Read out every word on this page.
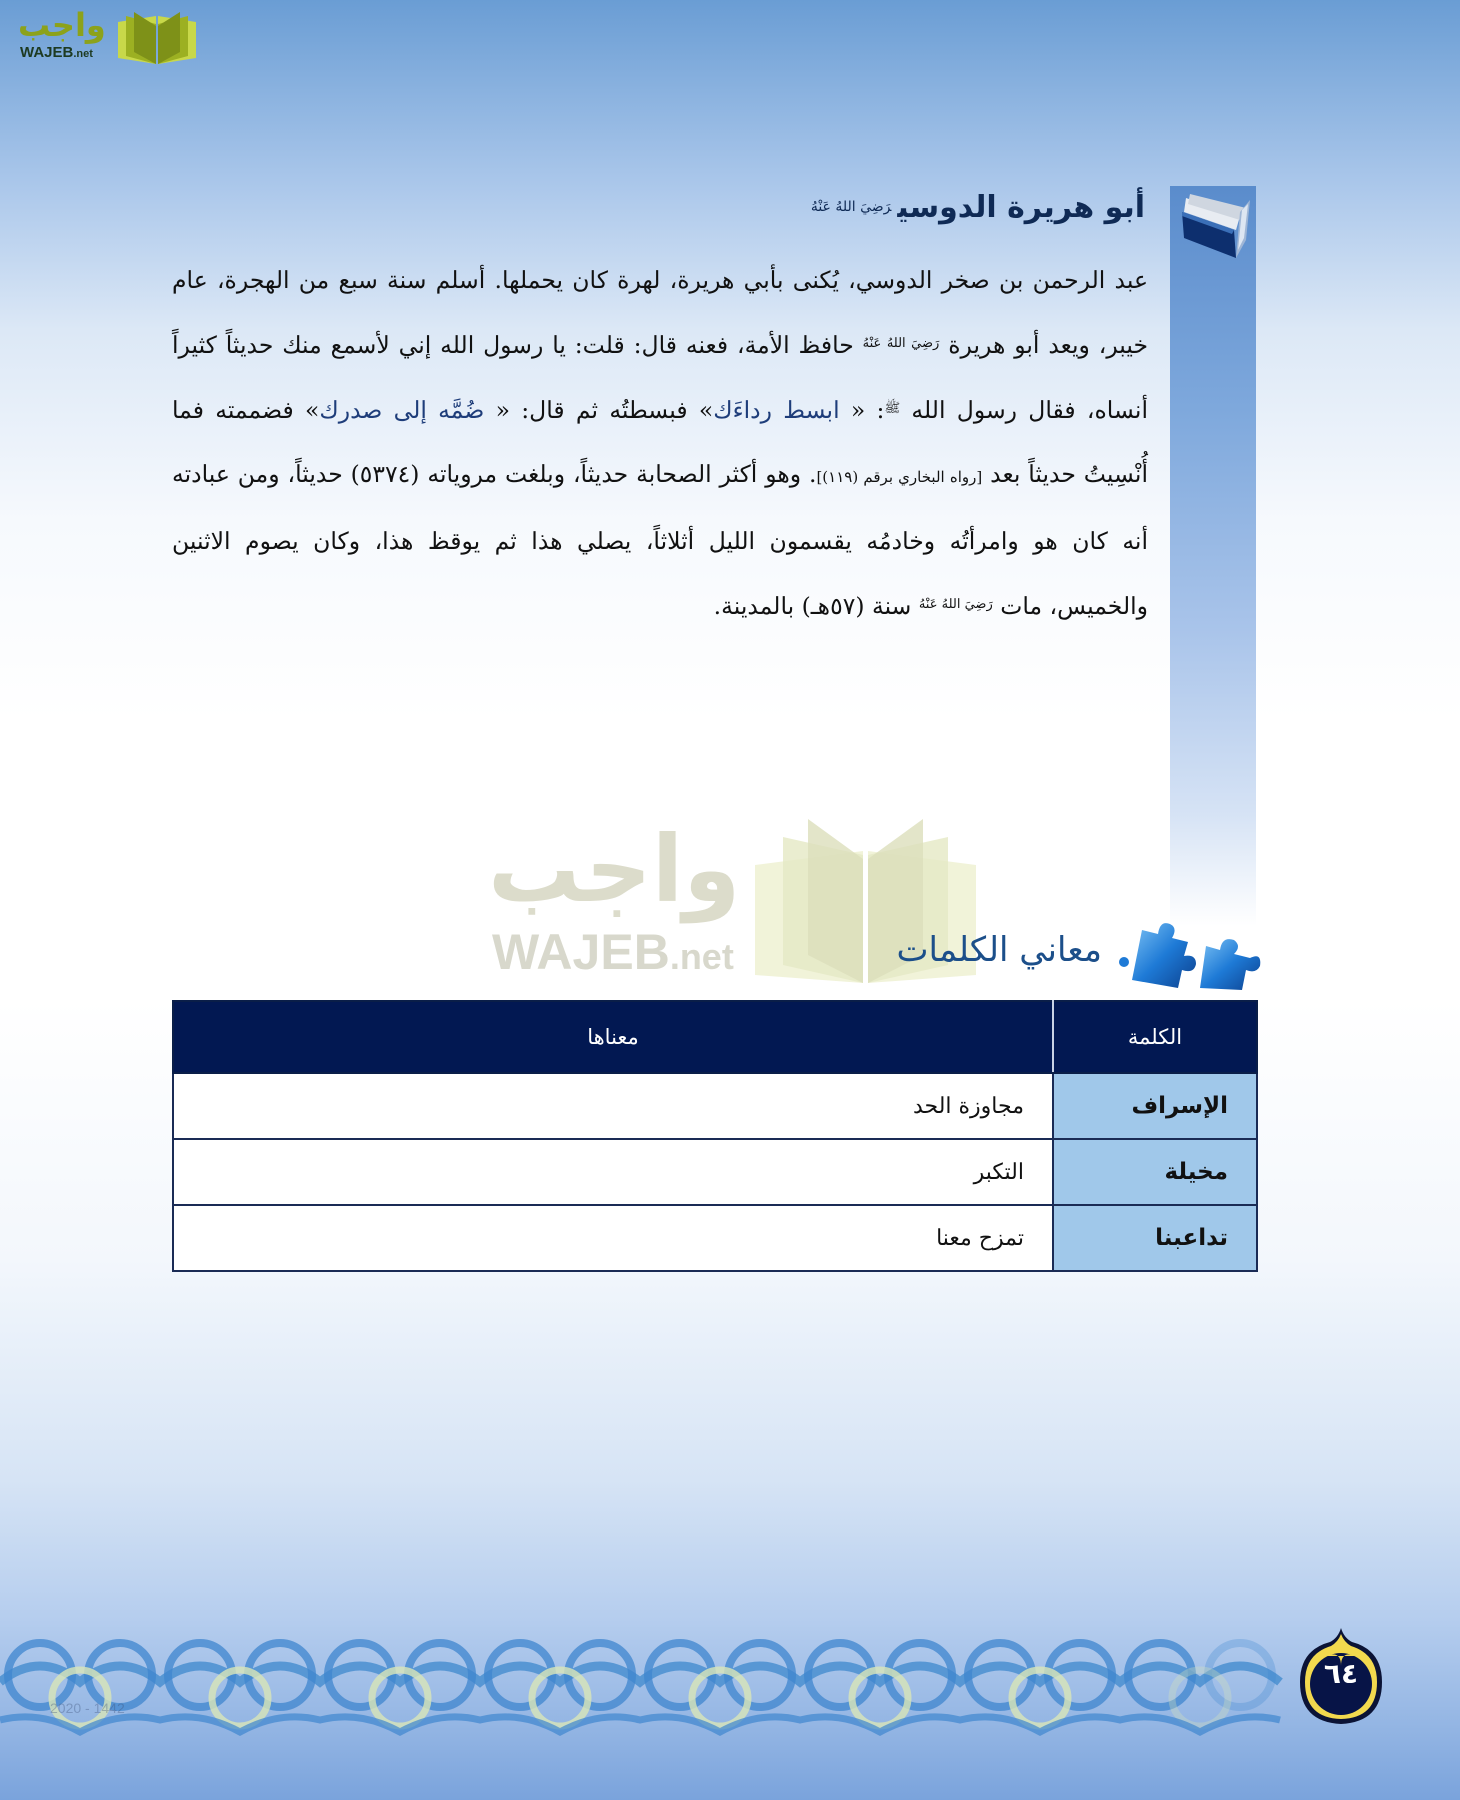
واجب
WAJEB.net
أبو هريرة الدوسي$^{رَضِيَ اللهُ عَنْهُ}$
عبد الرحمن بن صخر الدوسي، يُكنى بأبي هريرة، لهرة كان يحملها. أسلم سنة سبع من الهجرة، عام خيبر، ويعد أبو هريرة $^{رَضِيَ اللهُ عَنْهُ}$ حافظ الأمة، فعنه قال: قلت: يا رسول الله إني لأسمع منك حديثاً كثيراً أنساه، فقال رسول الله $^ﷺ$: « ابسط رداءَك» فبسطتُه ثم قال: « ضُمَّه إلى صدرك» فضممته فما أُنْسِيتُ حديثاً بعد [رواه البخاري برقم (١١٩)]. وهو أكثر الصحابة حديثاً، وبلغت مروياته (٥٣٧٤) حديثاً، ومن عبادته أنه كان هو وامرأتُه وخادمُه يقسمون الليل أثلاثاً، يصلي هذا ثم يوقظ هذا، وكان يصوم الاثنين والخميس، مات $^{رَضِيَ اللهُ عَنْهُ}$ سنة (٥٧هـ) بالمدينة.
واجب
WAJEB.net	معاني الكلمات
الكلمة	معناها
الإسراف	مجاوزة الحد
مخيلة	التكبر
تداعبنا	تمزح معنا
2020 - 1442
٦٤
